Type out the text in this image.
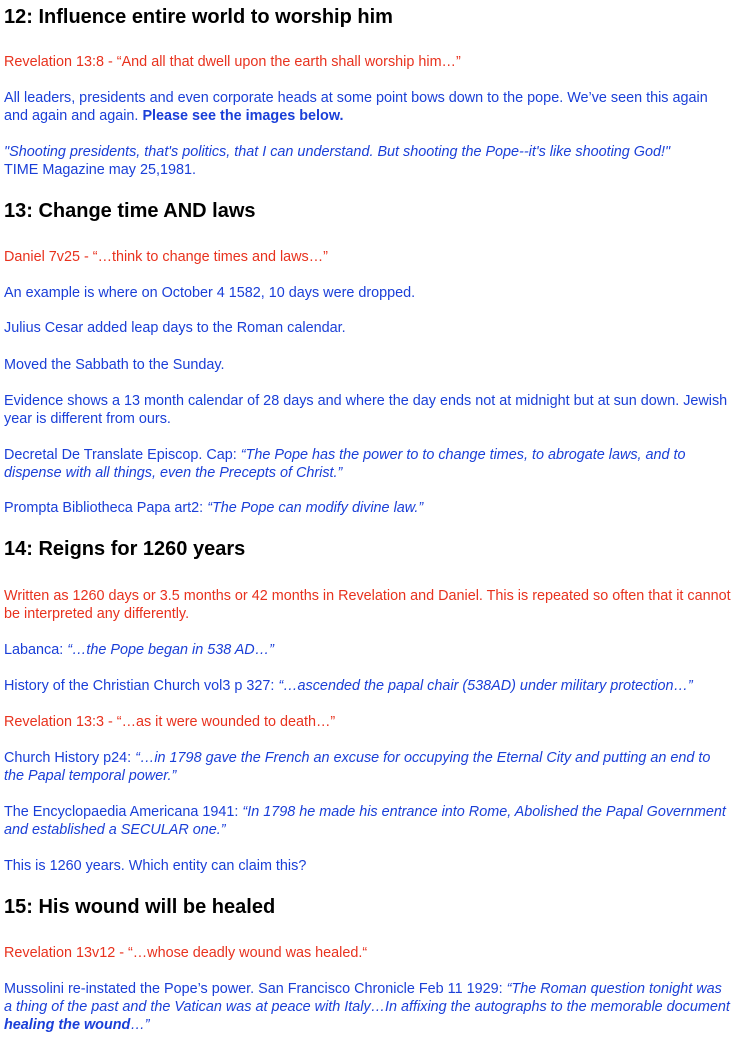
12: Influence entire world to worship him

Revelation 13:8 - “And all that dwell upon the earth shall worship him…”

All leaders, presidents and even corporate heads at some point bows down to the pope. We’ve seen this again and again and again. Please see the images below.

"Shooting presidents, that's politics, that I can understand. But shooting the Pope--it's like shooting God!"
TIME Magazine may 25,1981.

13: Change time AND laws

Daniel 7v25 - “…think to change times and laws…”

An example is where on October 4 1582, 10 days were dropped.

Julius Cesar added leap days to the Roman calendar.

Moved the Sabbath to the Sunday.

Evidence shows a 13 month calendar of 28 days and where the day ends not at midnight but at sun down. Jewish year is different from ours.

Decretal De Translate Episcop. Cap: “The Pope has the power to to change times, to abrogate laws, and to dispense with all things, even the Precepts of Christ.”

Prompta Bibliotheca Papa art2: “The Pope can modify divine law.”

14: Reigns for 1260 years

Written as 1260 days or 3.5 months or 42 months in Revelation and Daniel. This is repeated so often that it cannot be interpreted any differently.

Labanca: “…the Pope began in 538 AD…”

History of the Christian Church vol3 p 327: “…ascended the papal chair (538AD) under military protection…”

Revelation 13:3 - “…as it were wounded to death…”

Church History p24: “…in 1798 gave the French an excuse for occupying the Eternal City and putting an end to the Papal temporal power.”

The Encyclopaedia Americana 1941: “In 1798 he made his entrance into Rome, Abolished the Papal Government and established a SECULAR one.”

This is 1260 years. Which entity can claim this?

15: His wound will be healed

Revelation 13v12 - “…whose deadly wound was healed.“

Mussolini re-instated the Pope’s power. San Francisco Chronicle Feb 11 1929: “The Roman question tonight was a thing of the past and the Vatican was at peace with Italy…In affixing the autographs to the memorable document healing the wound…”
